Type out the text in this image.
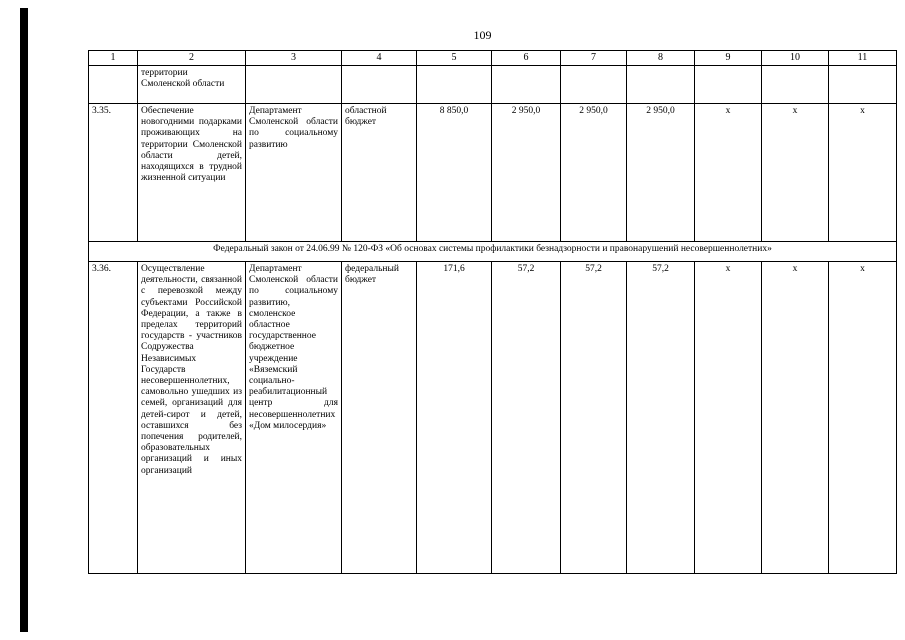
109
1	2	3	4	5	6	7	8	9	10	11

	территории
Смоленской области									

3.35.	Обеспечение новогодними подарками проживающих на территории Смоленской области детей, находящихся в трудной жизненной ситуации	Департамент Смоленской области по социальному развитию	областной бюджет	8 850,0	2 950,0	2 950,0	2 950,0	х	х	х
Федеральный закон от 24.06.99 № 120-ФЗ «Об основах системы профилактики безнадзорности и правонарушений несовершеннолетних»										
3.36.	Осуществление деятельности, связанной с перевозкой между субъектами Российской Федерации, а также в пределах территорий государств - участников Содружества Независимых Государств несовершеннолетних, самовольно ушедших из семей, организаций для детей-сирот и детей, оставшихся без попечения родителей, образовательных организаций и иных организаций	Департамент Смоленской области по социальному развитию, смоленское областное государственное бюджетное учреждение «Вяземский социально-реабилитационный центр для несовершеннолетних «Дом милосердия»	федеральный бюджет	171,6	57,2	57,2	57,2	х	х	х
